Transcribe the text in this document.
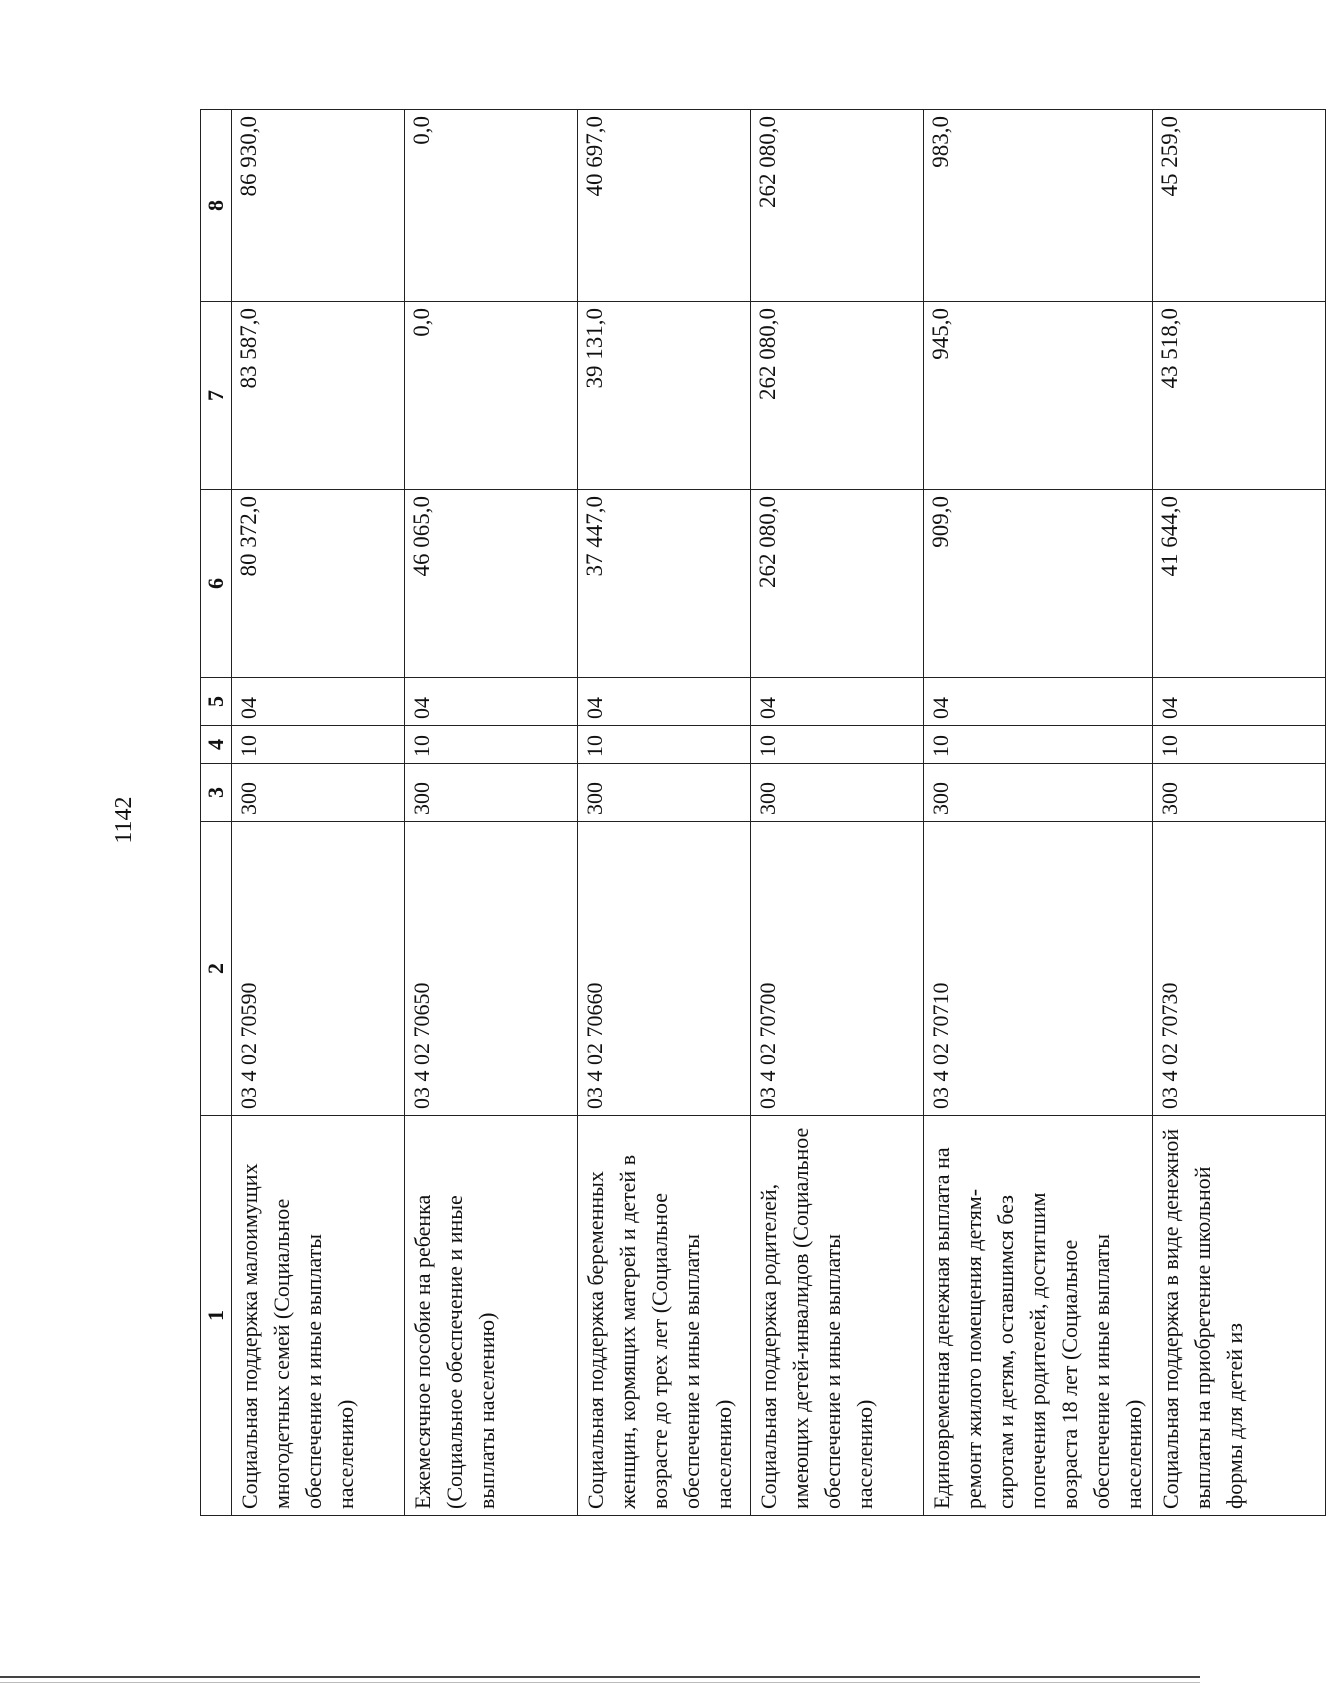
1142
1	2	3	4	5	6	7	8
Социальная поддержка малоимущих многодетных семей (Социальное обеспечение и иные выплаты населению)	03 4 02 70590	300	10	04	80 372,0	83 587,0	86 930,0
Ежемесячное пособие на ребенка (Социальное обеспечение и иные выплаты населению)	03 4 02 70650	300	10	04	46 065,0	0,0	0,0
Социальная поддержка беременных женщин, кормящих матерей и детей в возрасте до трех лет (Социальное обеспечение и иные выплаты населению)	03 4 02 70660	300	10	04	37 447,0	39 131,0	40 697,0
Социальная поддержка родителей, имеющих детей-инвалидов (Социальное обеспечение и иные выплаты населению)	03 4 02 70700	300	10	04	262 080,0	262 080,0	262 080,0
Единовременная денежная выплата на ремонт жилого помещения детям-сиротам и детям, оставшимся без попечения родителей, достигшим возраста 18 лет (Социальное обеспечение и иные выплаты населению)	03 4 02 70710	300	10	04	909,0	945,0	983,0
Социальная поддержка в виде денежной выплаты на приобретение школьной формы для детей из	03 4 02 70730	300	10	04	41 644,0	43 518,0	45 259,0
